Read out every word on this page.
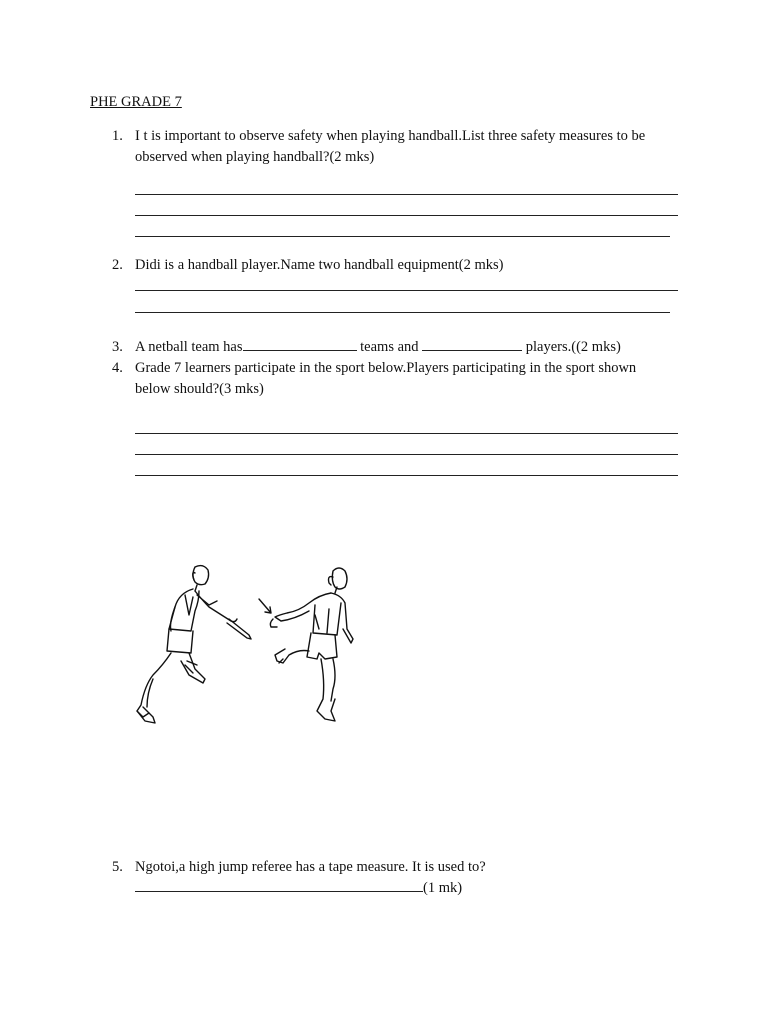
PHE GRADE 7
1. I t is important to observe safety when playing handball.List three safety measures to be
observed when playing handball?(2 mks)
2. Didi is a handball player.Name two handball equipment(2 mks)
3. A netball team has	teams and	players.((2 mks)
4. Grade 7 learners participate in the sport below.Players participating in the sport shown
below should?(3 mks)
5. Ngotoi,a high jump referee has a tape measure. It is used to?
(1 mk)
